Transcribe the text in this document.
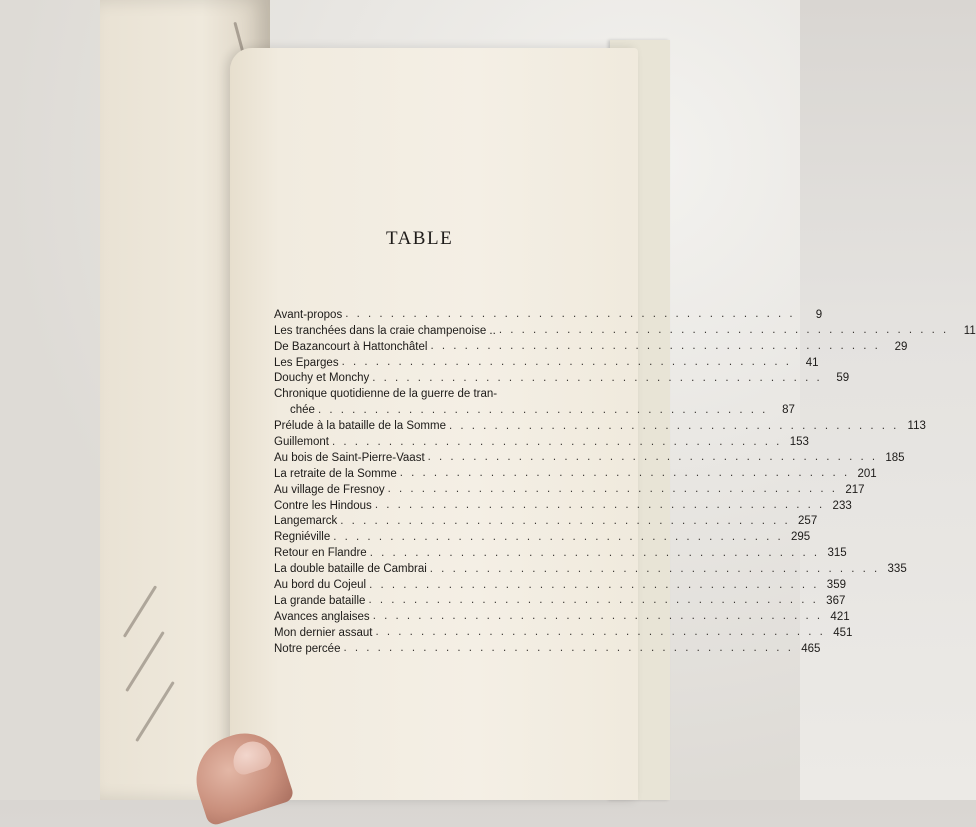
TABLE
Avant-propos . . . . . . . . . . . . . . . . . . . . . . . . . . . . . . . . . . . . . . . .	9
Les tranchées dans la craie champenoise .. . . . . . . . . . . . . . . . . . . . . . . . . . . . . . . . . . . . . . . . .	11
De Bazancourt à Hattonchâtel . . . . . . . . . . . . . . . . . . . . . . . . . . . . . . . . . . . . . . . .	29
Les Eparges . . . . . . . . . . . . . . . . . . . . . . . . . . . . . . . . . . . . . . . .	41
Douchy et Monchy . . . . . . . . . . . . . . . . . . . . . . . . . . . . . . . . . . . . . . . .	59
Chronique quotidienne de la guerre de tran-
chée . . . . . . . . . . . . . . . . . . . . . . . . . . . . . . . . . . . . . . . .	87
Prélude à la bataille de la Somme . . . . . . . . . . . . . . . . . . . . . . . . . . . . . . . . . . . . . . . . 113
Guillemont . . . . . . . . . . . . . . . . . . . . . . . . . . . . . . . . . . . . . . . . 153
Au bois de Saint-Pierre-Vaast . . . . . . . . . . . . . . . . . . . . . . . . . . . . . . . . . . . . . . . . 185
La retraite de la Somme . . . . . . . . . . . . . . . . . . . . . . . . . . . . . . . . . . . . . . . . 201
Au village de Fresnoy . . . . . . . . . . . . . . . . . . . . . . . . . . . . . . . . . . . . . . . . 217
Contre les Hindous . . . . . . . . . . . . . . . . . . . . . . . . . . . . . . . . . . . . . . . . 233
Langemarck . . . . . . . . . . . . . . . . . . . . . . . . . . . . . . . . . . . . . . . . 257
Regniéville . . . . . . . . . . . . . . . . . . . . . . . . . . . . . . . . . . . . . . . . 295
Retour en Flandre . . . . . . . . . . . . . . . . . . . . . . . . . . . . . . . . . . . . . . . . 315
La double bataille de Cambrai . . . . . . . . . . . . . . . . . . . . . . . . . . . . . . . . . . . . . . . . 335
Au bord du Cojeul . . . . . . . . . . . . . . . . . . . . . . . . . . . . . . . . . . . . . . . . 359
La grande bataille . . . . . . . . . . . . . . . . . . . . . . . . . . . . . . . . . . . . . . . . 367
Avances anglaises . . . . . . . . . . . . . . . . . . . . . . . . . . . . . . . . . . . . . . . . 421
Mon dernier assaut . . . . . . . . . . . . . . . . . . . . . . . . . . . . . . . . . . . . . . . . 451
Notre percée . . . . . . . . . . . . . . . . . . . . . . . . . . . . . . . . . . . . . . . . 465
